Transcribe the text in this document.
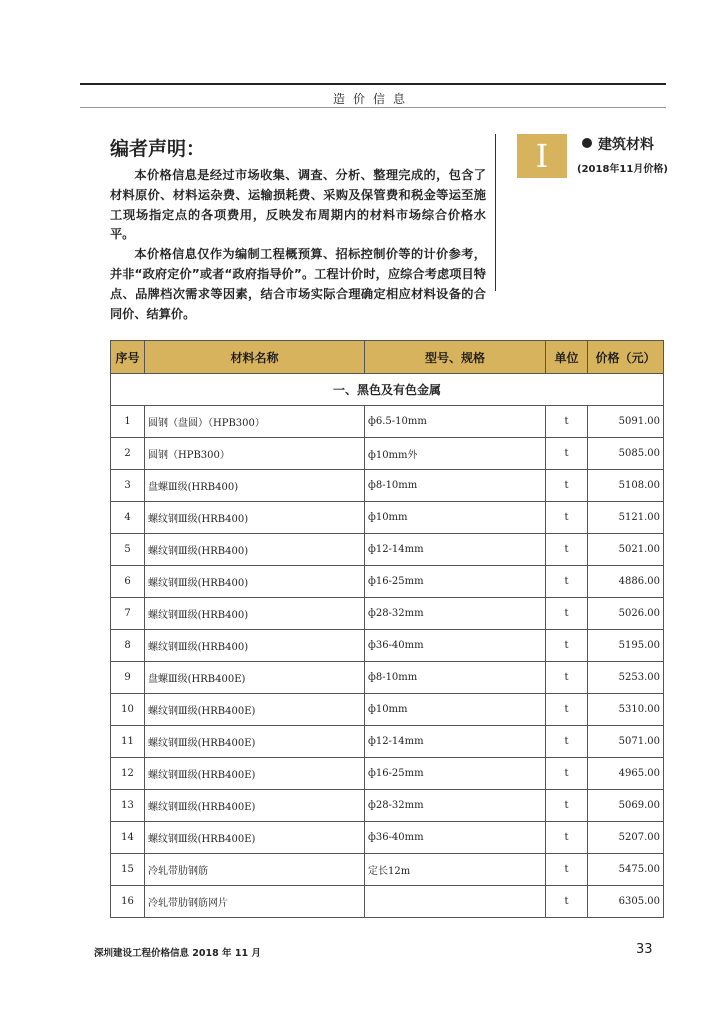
造价信息
编者声明：

本价格信息是经过市场收集、调查、分析、整理完成的，包含了材料原价、材料运杂费、运输损耗费、采购及保管费和税金等运至施工现场指定点的各项费用，反映发布周期内的材料市场综合价格水平。

本价格信息仅作为编制工程概预算、招标控制价等的计价参考，并非“政府定价”或者“政府指导价”。工程计价时，应综合考虑项目特点、品牌档次需求等因素，结合市场实际合理确定相应材料设备的合同价、结算价。

I	建筑材料
(2018年11月价格)
序号	材料名称	型号、规格	单位	价格（元）
一、黑色及有色金属				
1	圆钢（盘圆）（HPB300）	ф6.5-10mm	t	5091.00
2	圆钢（HPB300）	ф10mm外	t	5085.00
3	盘螺Ⅲ级(HRB400)	ф8-10mm	t	5108.00
4	螺纹钢Ⅲ级(HRB400)	ф10mm	t	5121.00
5	螺纹钢Ⅲ级(HRB400)	ф12-14mm	t	5021.00
6	螺纹钢Ⅲ级(HRB400)	ф16-25mm	t	4886.00
7	螺纹钢Ⅲ级(HRB400)	ф28-32mm	t	5026.00
8	螺纹钢Ⅲ级(HRB400)	ф36-40mm	t	5195.00
9	盘螺Ⅲ级(HRB400E)	ф8-10mm	t	5253.00
10	螺纹钢Ⅲ级(HRB400E)	ф10mm	t	5310.00
11	螺纹钢Ⅲ级(HRB400E)	ф12-14mm	t	5071.00
12	螺纹钢Ⅲ级(HRB400E)	ф16-25mm	t	4965.00
13	螺纹钢Ⅲ级(HRB400E)	ф28-32mm	t	5069.00
14	螺纹钢Ⅲ级(HRB400E)	ф36-40mm	t	5207.00
15	冷轧带肋钢筋	定长12m	t	5475.00
16	冷轧带肋钢筋网片		t	6305.00
深圳建设工程价格信息 2018 年 11 月	33
